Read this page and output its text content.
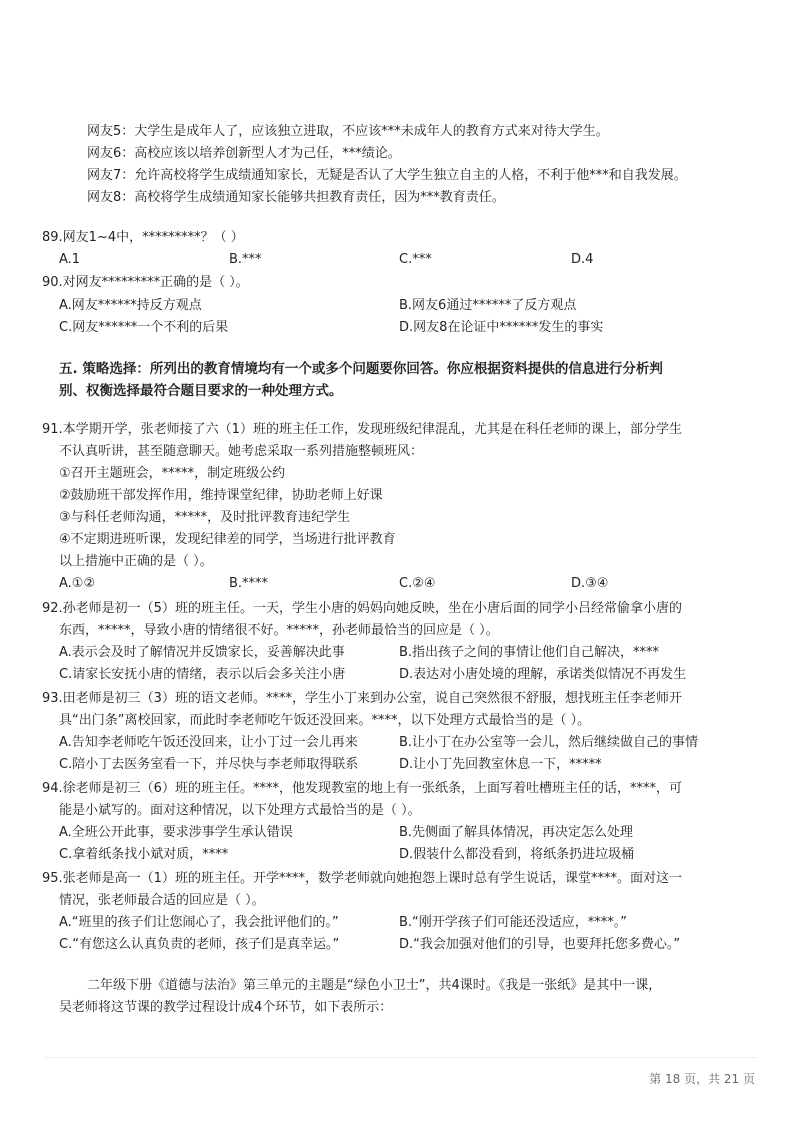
网友5：大学生是成年人了，应该独立进取，不应该***未成年人的教育方式来对待大学生。
网友6：高校应该以培养创新型人才为己任，***绩论。
网友7：允许高校将学生成绩通知家长，无疑是否认了大学生独立自主的人格，不利于他***和自我发展。
网友8：高校将学生成绩通知家长能够共担教育责任，因为***教育责任。
89.网友1~4中，*********？（ ）
A.1	B.***	C.***	D.4
90.对网友*********正确的是（ ）。
A.网友******持反方观点	B.网友6通过******了反方观点
C.网友******一个不利的后果	D.网友8在论证中******发生的事实
五. 策略选择：所列出的教育情境均有一个或多个问题要你回答。你应根据资料提供的信息进行分析判
别、权衡选择最符合题目要求的一种处理方式。
91.本学期开学，张老师接了六（1）班的班主任工作，发现班级纪律混乱，尤其是在科任老师的课上，部分学生
不认真听讲，甚至随意聊天。她考虑采取一系列措施整顿班风：
①召开主题班会，*****，制定班级公约
②鼓励班干部发挥作用，维持课堂纪律，协助老师上好课
③与科任老师沟通，*****，及时批评教育违纪学生
④不定期进班听课，发现纪律差的同学，当场进行批评教育
以上措施中正确的是（ ）。
A.①②	B.****	C.②④	D.③④
92.孙老师是初一（5）班的班主任。一天，学生小唐的妈妈向她反映，坐在小唐后面的同学小吕经常偷拿小唐的
东西，*****，导致小唐的情绪很不好。*****，孙老师最恰当的回应是（ ）。
A.表示会及时了解情况并反馈家长，妥善解决此事	B.指出孩子之间的事情让他们自己解决，****
C.请家长安抚小唐的情绪，表示以后会多关注小唐	D.表达对小唐处境的理解，承诺类似情况不再发生
93.田老师是初三（3）班的语文老师。****，学生小丁来到办公室，说自己突然很不舒服，想找班主任李老师开
具“出门条”离校回家，而此时李老师吃午饭还没回来。****，以下处理方式最恰当的是（ ）。
A.告知李老师吃午饭还没回来，让小丁过一会儿再来	B.让小丁在办公室等一会儿，然后继续做自己的事情
C.陪小丁去医务室看一下，并尽快与李老师取得联系	D.让小丁先回教室休息一下，*****
94.徐老师是初三（6）班的班主任。****，他发现教室的地上有一张纸条，上面写着吐槽班主任的话，****，可
能是小斌写的。面对这种情况，以下处理方式最恰当的是（ ）。
A.全班公开此事，要求涉事学生承认错误	B.先侧面了解具体情况，再决定怎么处理
C.拿着纸条找小斌对质，****	D.假装什么都没看到，将纸条扔进垃圾桶
95.张老师是高一（1）班的班主任。开学****，数学老师就向她抱怨上课时总有学生说话，课堂****。面对这一
情况，张老师最合适的回应是（ ）。
A.“班里的孩子们让您闹心了，我会批评他们的。”	B.“刚开学孩子们可能还没适应，****。”
C.“有您这么认真负责的老师，孩子们是真幸运。”	D.“我会加强对他们的引导，也要拜托您多费心。”
二年级下册《道德与法治》第三单元的主题是“绿色小卫士”，共4课时。《我是一张纸》是其中一课，
吴老师将这节课的教学过程设计成4个环节，如下表所示：
第 18 页，共 21 页
